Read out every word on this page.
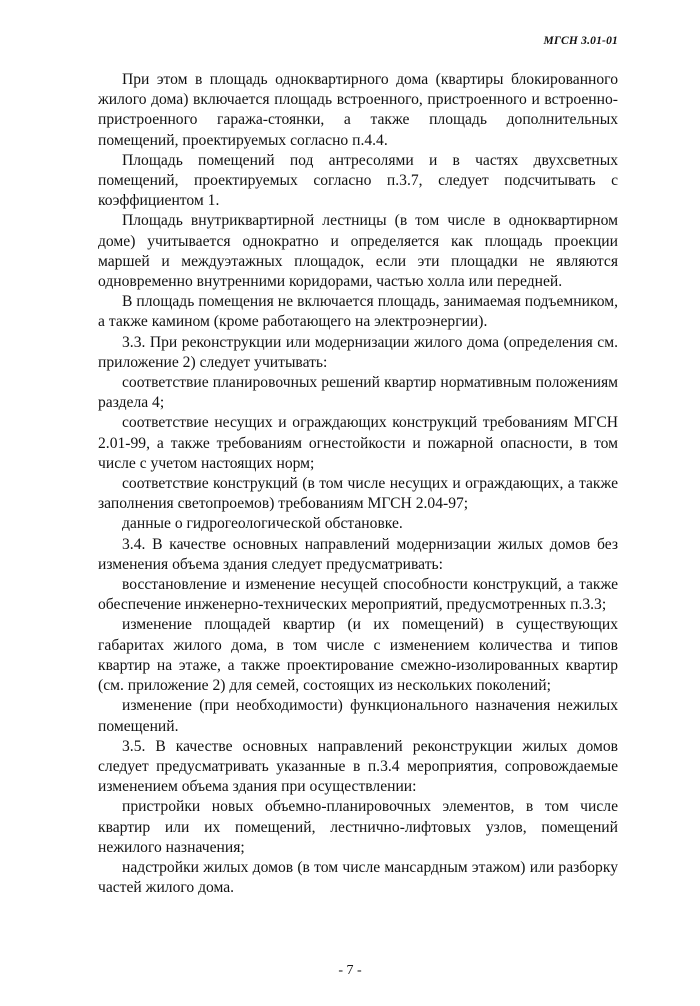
МГСН 3.01-01

При этом в площадь одноквартирного дома (квартиры блокированного жилого дома) включается площадь встроенного, пристроенного и встроенно-пристроенного гаража-стоянки, а также площадь дополнительных помещений, проектируемых согласно п.4.4.

Площадь помещений под антресолями и в частях двухсветных помещений, проектируемых согласно п.3.7, следует подсчитывать с коэффициентом 1.

Площадь внутриквартирной лестницы (в том числе в одноквартирном доме) учитывается однократно и определяется как площадь проекции маршей и междуэтажных площадок, если эти площадки не являются одновременно внутренними коридорами, частью холла или передней.

В площадь помещения не включается площадь, занимаемая подъемником, а также камином (кроме работающего на электроэнергии).

3.3. При реконструкции или модернизации жилого дома (определения см. приложение 2) следует учитывать:

соответствие планировочных решений квартир нормативным положениям раздела 4;

соответствие несущих и ограждающих конструкций требованиям МГСН 2.01-99, а также требованиям огнестойкости и пожарной опасности, в том числе с учетом настоящих норм;

соответствие конструкций (в том числе несущих и ограждающих, а также заполнения светопроемов) требованиям МГСН 2.04-97;

данные о гидрогеологической обстановке.

3.4. В качестве основных направлений модернизации жилых домов без изменения объема здания следует предусматривать:

восстановление и изменение несущей способности конструкций, а также обеспечение инженерно-технических мероприятий, предусмотренных п.3.3;

изменение площадей квартир (и их помещений) в существующих габаритах жилого дома, в том числе с изменением количества и типов квартир на этаже, а также проектирование смежно-изолированных квартир (см. приложение 2) для семей, состоящих из нескольких поколений;

изменение (при необходимости) функционального назначения нежилых помещений.

3.5. В качестве основных направлений реконструкции жилых домов следует предусматривать указанные в п.3.4 мероприятия, сопровождаемые изменением объема здания при осуществлении:

пристройки новых объемно-планировочных элементов, в том числе квартир или их помещений, лестнично-лифтовых узлов, помещений нежилого назначения;

надстройки жилых домов (в том числе мансардным этажом) или разборку частей жилого дома.

- 7 -
